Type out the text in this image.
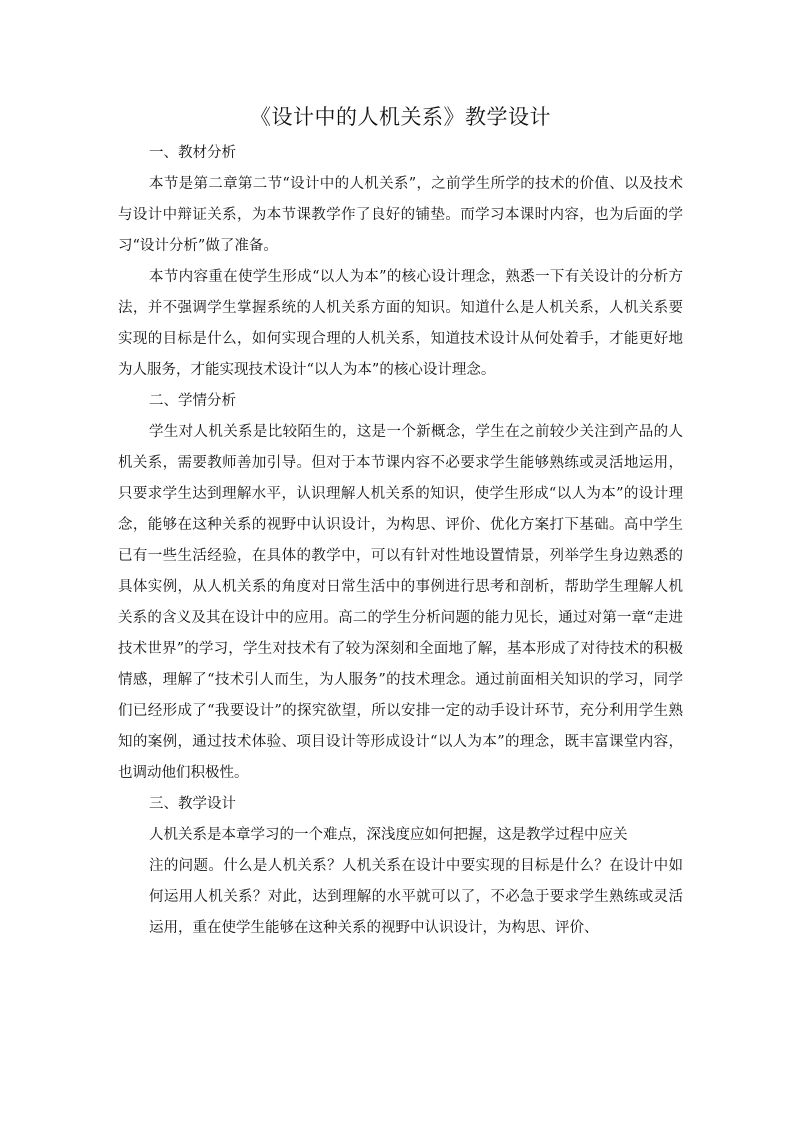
《设计中的人机关系》教学设计
一、教材分析

本节是第二章第二节“设计中的人机关系”，之前学生所学的技术的价值、以及技术与设计中辩证关系，为本节课教学作了良好的铺垫。而学习本课时内容，也为后面的学习“设计分析”做了准备。

本节内容重在使学生形成“以人为本”的核心设计理念，熟悉一下有关设计的分析方法，并不强调学生掌握系统的人机关系方面的知识。知道什么是人机关系，人机关系要实现的目标是什么，如何实现合理的人机关系，知道技术设计从何处着手，才能更好地为人服务，才能实现技术设计“以人为本”的核心设计理念。

二、学情分析

学生对人机关系是比较陌生的，这是一个新概念，学生在之前较少关注到产品的人机关系，需要教师善加引导。但对于本节课内容不必要求学生能够熟练或灵活地运用，只要求学生达到理解水平，认识理解人机关系的知识，使学生形成“以人为本”的设计理念，能够在这种关系的视野中认识设计，为构思、评价、优化方案打下基础。高中学生已有一些生活经验，在具体的教学中，可以有针对性地设置情景，列举学生身边熟悉的具体实例，从人机关系的角度对日常生活中的事例进行思考和剖析，帮助学生理解人机关系的含义及其在设计中的应用。高二的学生分析问题的能力见长，通过对第一章“走进技术世界”的学习，学生对技术有了较为深刻和全面地了解，基本形成了对待技术的积极情感，理解了“技术引人而生，为人服务”的技术理念。通过前面相关知识的学习，同学们已经形成了“我要设计”的探究欲望，所以安排一定的动手设计环节，充分利用学生熟知的案例，通过技术体验、项目设计等形成设计“以人为本”的理念，既丰富课堂内容，也调动他们积极性。

三、教学设计

人机关系是本章学习的一个难点，深浅度应如何把握，这是教学过程中应关
注的问题。什么是人机关系？人机关系在设计中要实现的目标是什么？在设计中如何运用人机关系？对此，达到理解的水平就可以了，不必急于要求学生熟练或灵活运用，重在使学生能够在这种关系的视野中认识设计，为构思、评价、
